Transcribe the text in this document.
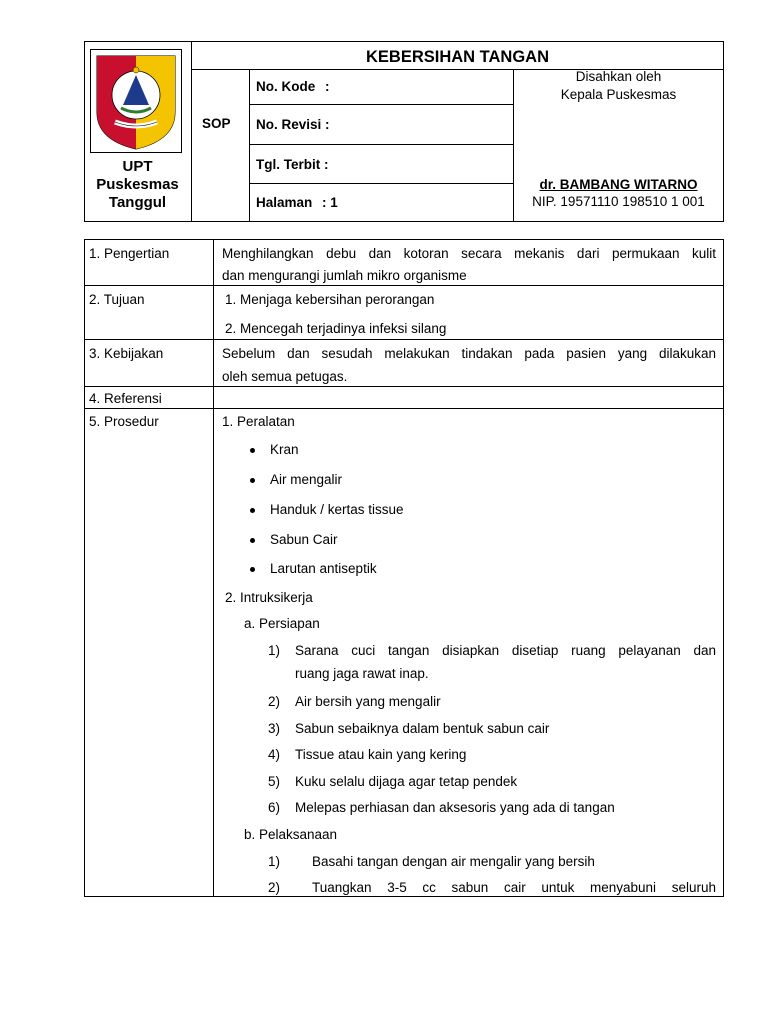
UPT
Puskesmas
Tanggul
KEBERSIHAN TANGAN
SOP
No. Kode :
No. Revisi :
Tgl. Terbit :
Halaman : 1
Disahkan oleh
Kepala Puskesmas
dr. BAMBANG WITARNO
NIP. 19571110 198510 1 001
1. Pengertian	Menghilangkan debu dan kotoran secara mekanis dari permukaan kulit
dan mengurangi jumlah mikro organisme
2. Tujuan	1. Menjaga kebersihan perorangan
2. Mencegah terjadinya infeksi silang
3. Kebijakan	Sebelum dan sesudah melakukan tindakan pada pasien yang dilakukan
oleh semua petugas.
4. Referensi
5. Prosedur	1. Peralatan
Kran
Air mengalir
Handuk / kertas tissue
Sabun Cair
Larutan antiseptik
2. Intruksikerja
a. Persiapan
1) Sarana cuci tangan disiapkan disetiap ruang pelayanan dan
ruang jaga rawat inap.
2) Air bersih yang mengalir
3) Sabun sebaiknya dalam bentuk sabun cair
4) Tissue atau kain yang kering
5) Kuku selalu dijaga agar tetap pendek
6) Melepas perhiasan dan aksesoris yang ada di tangan
b. Pelaksanaan
1) Basahi tangan dengan air mengalir yang bersih
2) Tuangkan 3-5 cc sabun cair untuk menyabuni seluruh
